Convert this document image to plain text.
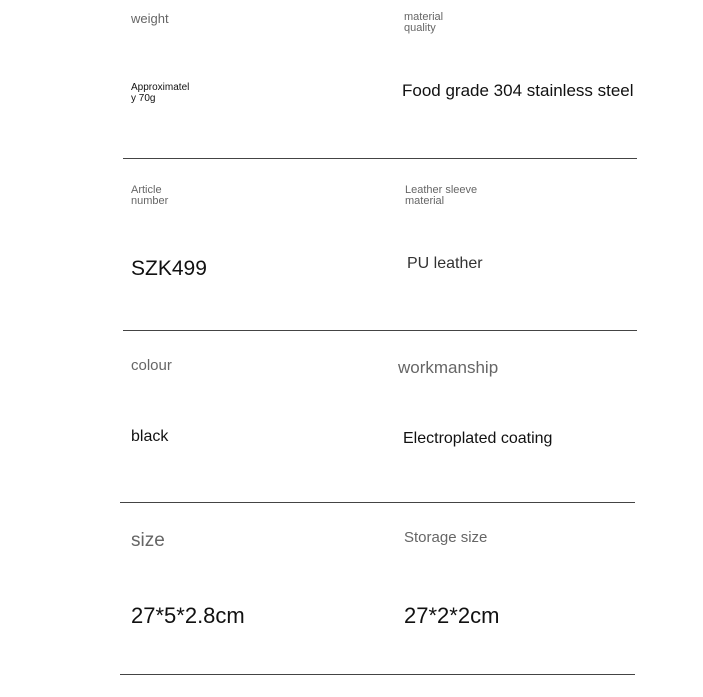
weight
Approximatel
y 70g
material
quality
Food grade 304 stainless steel
Article
number
SZK499
Leather sleeve
material
PU leather
colour
black
workmanship
Electroplated coating
size
27*5*2.8cm
Storage size
27*2*2cm
